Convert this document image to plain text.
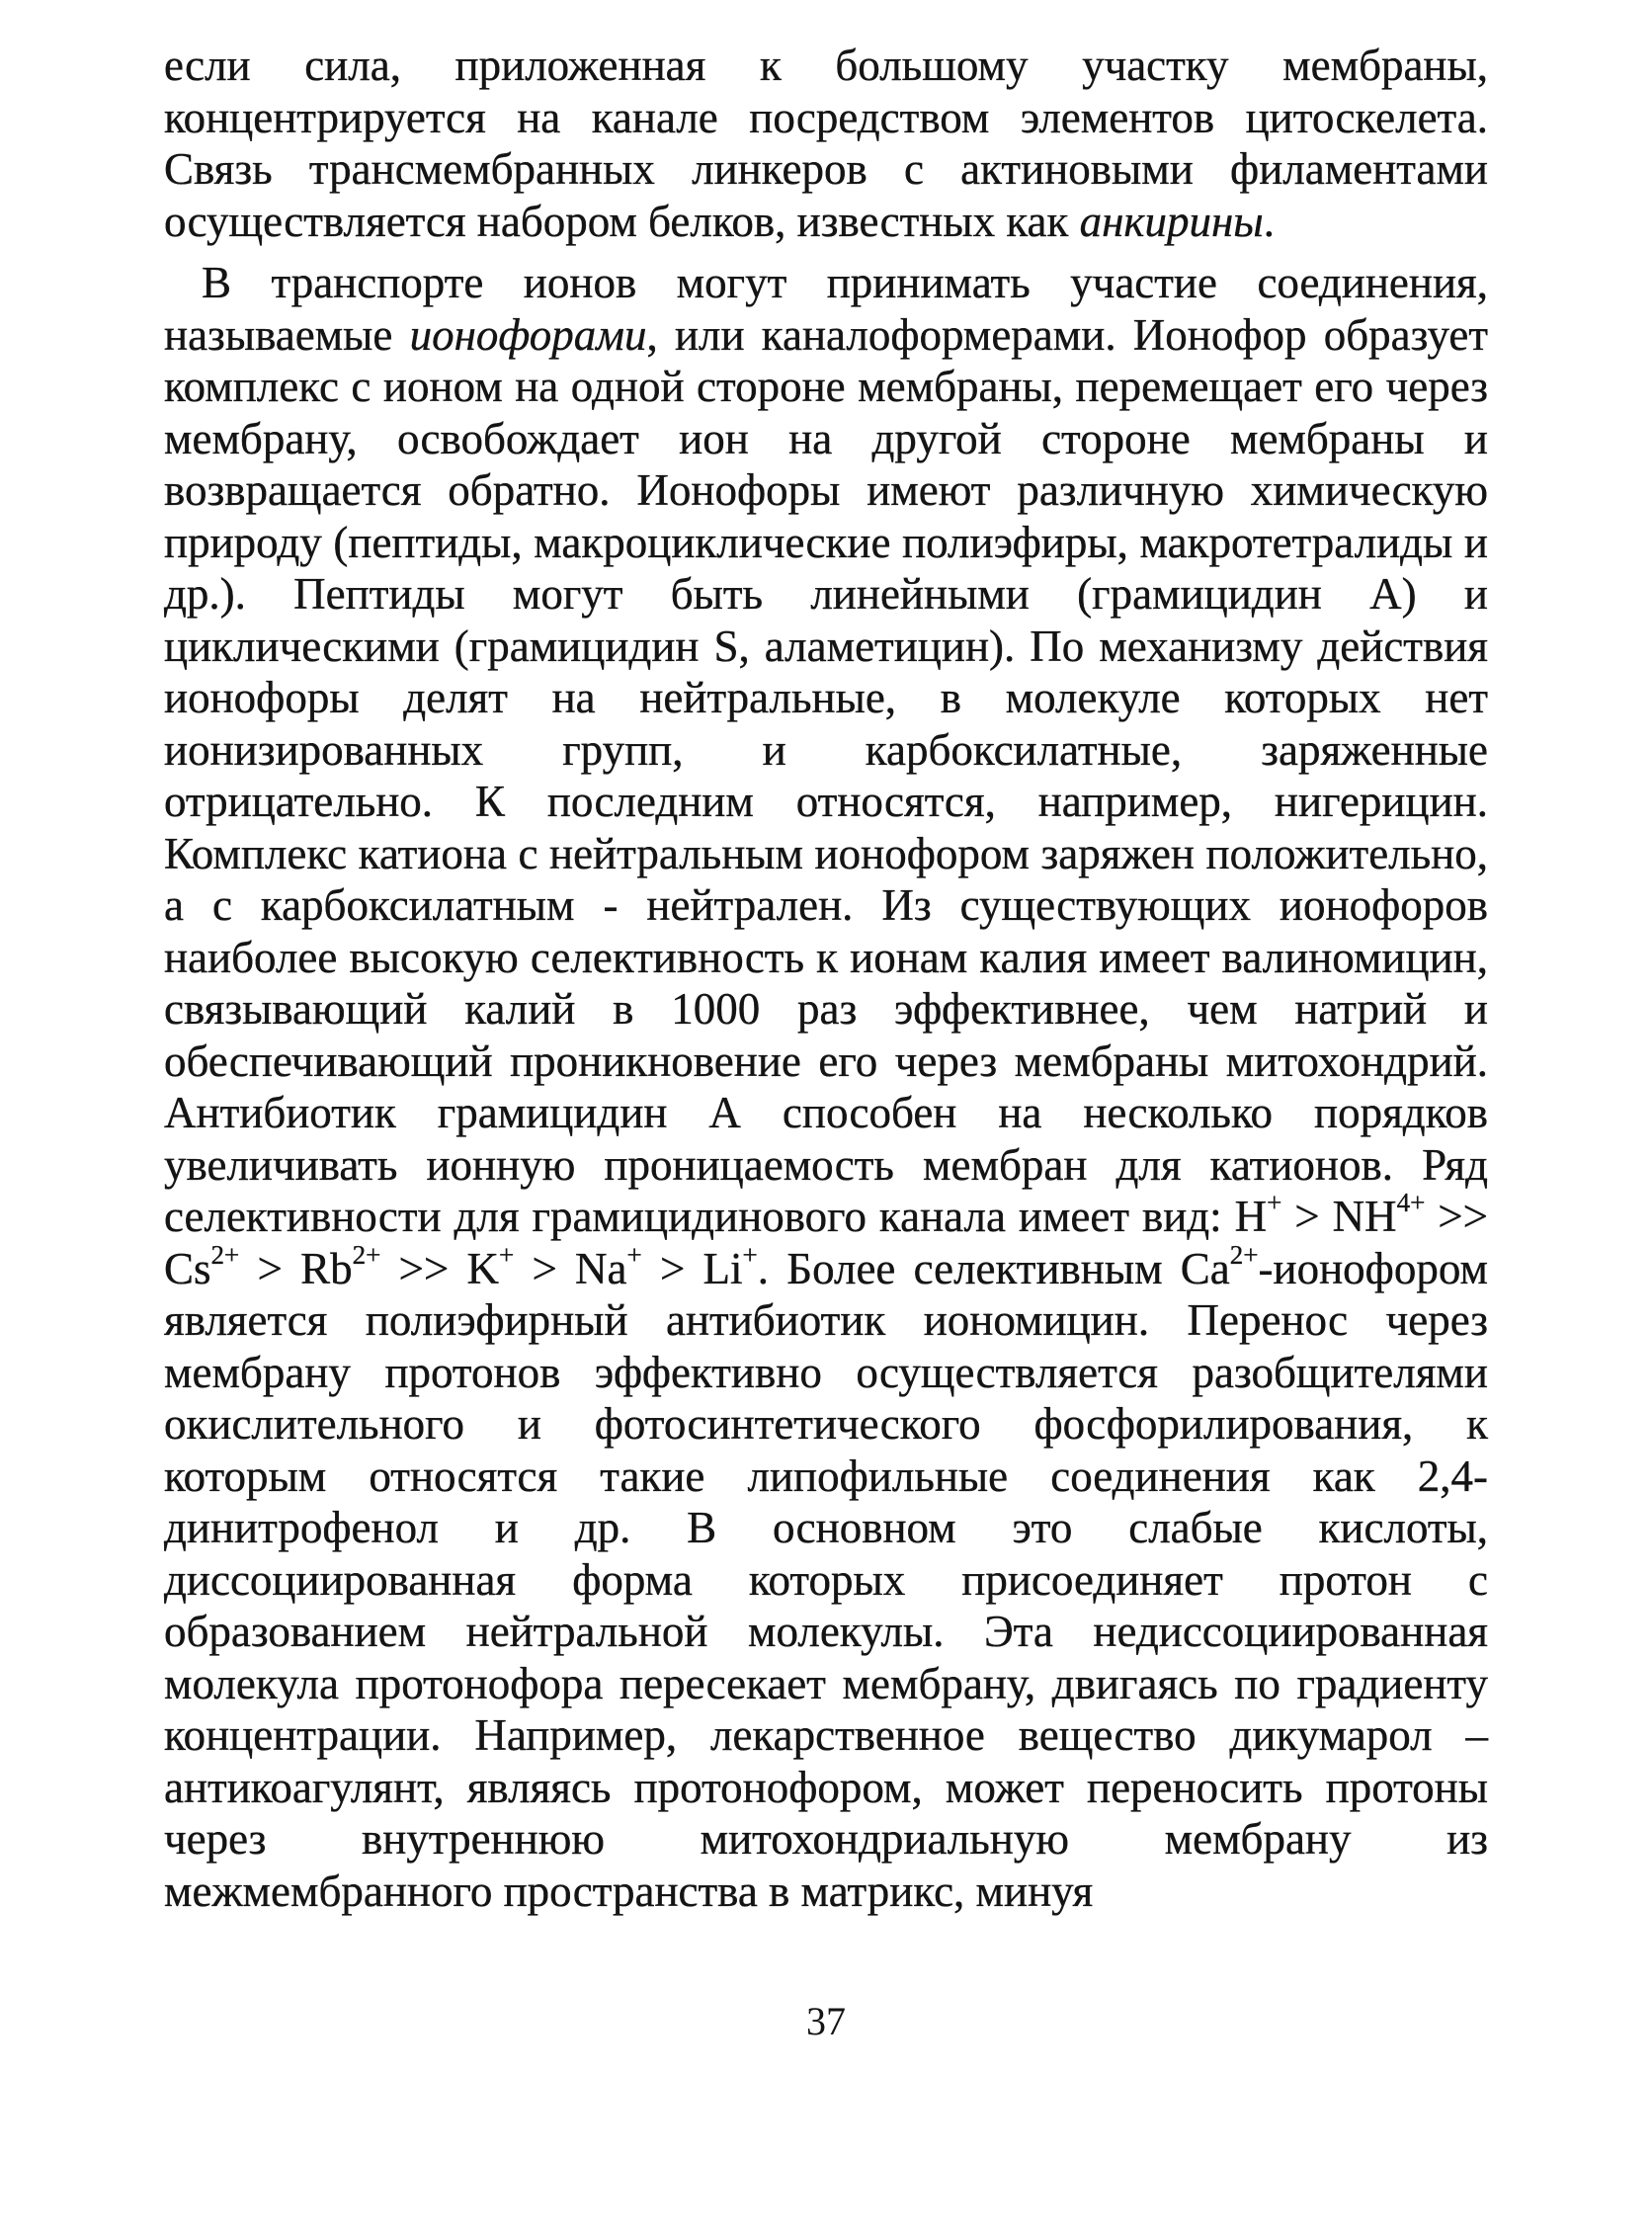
если сила, приложенная к большому участку мембраны, концентрируется на канале посредством элементов цитоскелета. Связь трансмембранных линкеров с актиновыми филаментами осуществляется набором белков, известных как анкирины.

В транспорте ионов могут принимать участие соединения, называемые ионофорами, или каналоформерами. Ионофор образует комплекс с ионом на одной стороне мембраны, перемещает его через мембрану, освобождает ион на другой стороне мембраны и возвращается обратно. Ионофоры имеют различную химическую природу (пептиды, макроциклические полиэфиры, макротетралиды и др.). Пептиды могут быть линейными (грамицидин А) и циклическими (грамицидин S, аламетицин). По механизму действия ионофоры делят на нейтральные, в молекуле которых нет ионизированных групп, и карбоксилатные, заряженные отрицательно. К последним относятся, например, нигерицин. Комплекс катиона с нейтральным ионофором заряжен положительно, а с карбоксилатным - нейтрален. Из существующих ионофоров наиболее высокую селективность к ионам калия имеет валиномицин, связывающий калий в 1000 раз эффективнее, чем натрий и обеспечивающий проникновение его через мембраны митохондрий. Антибиотик грамицидин А способен на несколько порядков увеличивать ионную проницаемость мембран для катионов. Ряд селективности для грамицидинового канала имеет вид: $H^+ > NH^{4+} >> Cs^{2+} > Rb^{2+} >> K^+ > Na^+ > Li^+$. Более селективным $Ca^{2+}$-ионофором является полиэфирный антибиотик иономицин. Перенос через мембрану протонов эффективно осуществляется разобщителями окислительного и фотосинтетического фосфорилирования, к которым относятся такие липофильные соединения как 2,4-динитрофенол и др. В основном это слабые кислоты, диссоциированная форма которых присоединяет протон с образованием нейтральной молекулы. Эта недиссоциированная молекула протонофора пересекает мембрану, двигаясь по градиенту концентрации. Например, лекарственное вещество дикумарол – антикоагулянт, являясь протонофором, может переносить протоны через внутреннюю митохондриальную мембрану из межмембранного пространства в матрикс, минуя

37
